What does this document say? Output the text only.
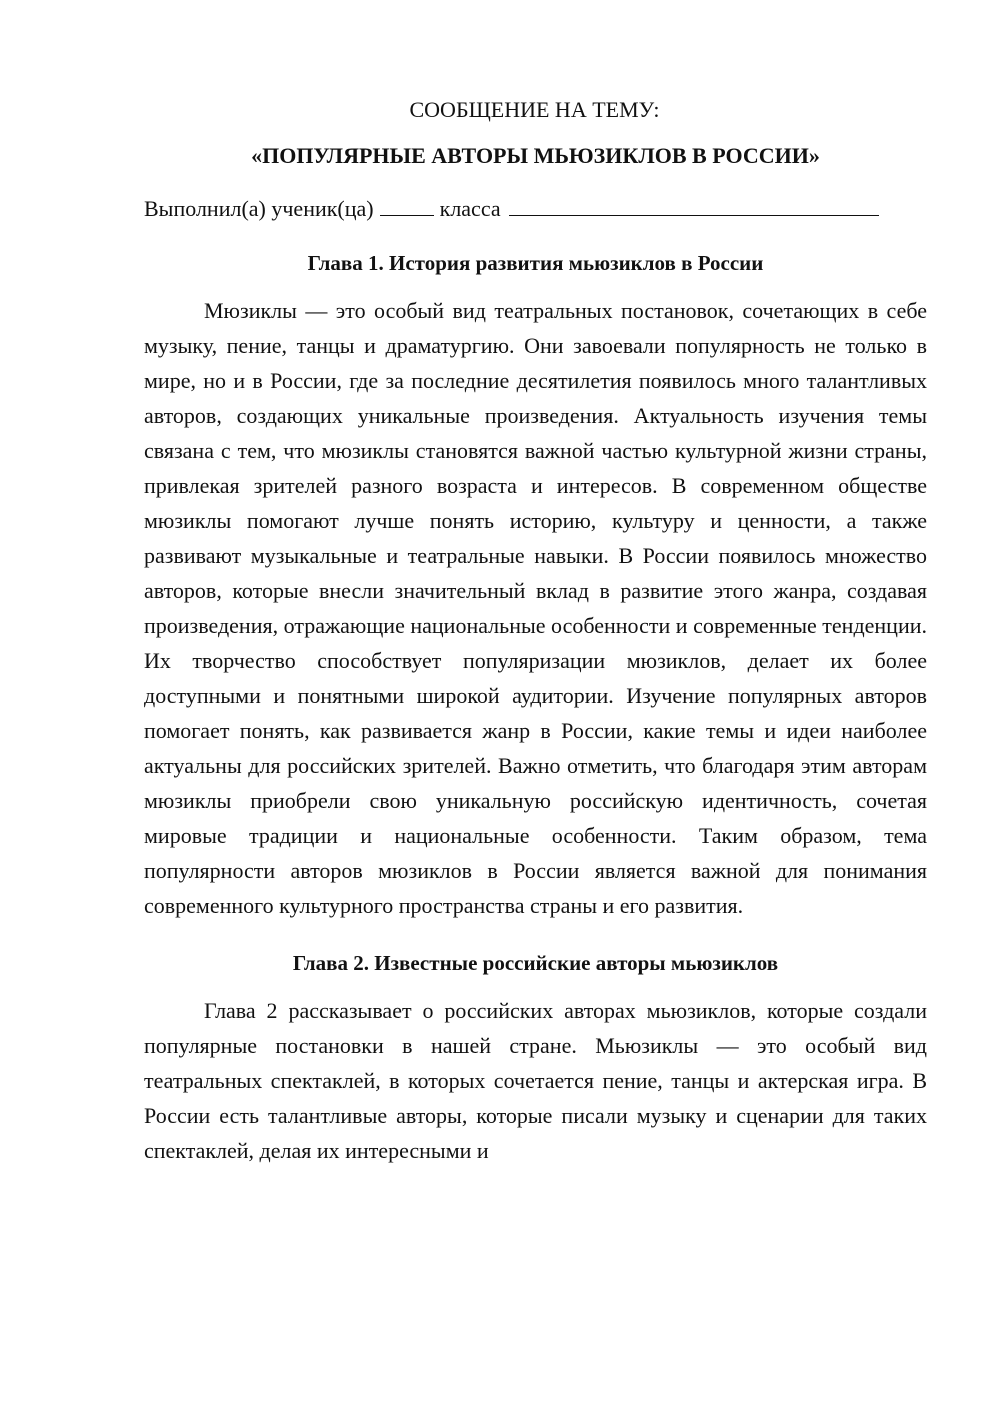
СООБЩЕНИЕ НА ТЕМУ:

«ПОПУЛЯРНЫЕ АВТОРЫ МЬЮЗИКЛОВ В РОССИИ»

Выполнил(а) ученик(ца)	класса

Глава 1. История развития мьюзиклов в России

Мюзиклы — это особый вид театральных постановок, сочетающих в себе музыку, пение, танцы и драматургию. Они завоевали популярность не только в мире, но и в России, где за последние десятилетия появилось много талантливых авторов, создающих уникальные произведения. Актуальность изучения темы связана с тем, что мюзиклы становятся важной частью культурной жизни страны, привлекая зрителей разного возраста и интересов. В современном обществе мюзиклы помогают лучше понять историю, культуру и ценности, а также развивают музыкальные и театральные навыки. В России появилось множество авторов, которые внесли значительный вклад в развитие этого жанра, создавая произведения, отражающие национальные особенности и современные тенденции. Их творчество способствует популяризации мюзиклов, делает их более доступными и понятными широкой аудитории. Изучение популярных авторов помогает понять, как развивается жанр в России, какие темы и идеи наиболее актуальны для российских зрителей. Важно отметить, что благодаря этим авторам мюзиклы приобрели свою уникальную российскую идентичность, сочетая мировые традиции и национальные особенности. Таким образом, тема популярности авторов мюзиклов в России является важной для понимания современного культурного пространства страны и его развития.

Глава 2. Известные российские авторы мьюзиклов

Глава 2 рассказывает о российских авторах мьюзиклов, которые создали популярные постановки в нашей стране. Мьюзиклы — это особый вид театральных спектаклей, в которых сочетается пение, танцы и актерская игра. В России есть талантливые авторы, которые писали музыку и сценарии для таких спектаклей, делая их интересными и
